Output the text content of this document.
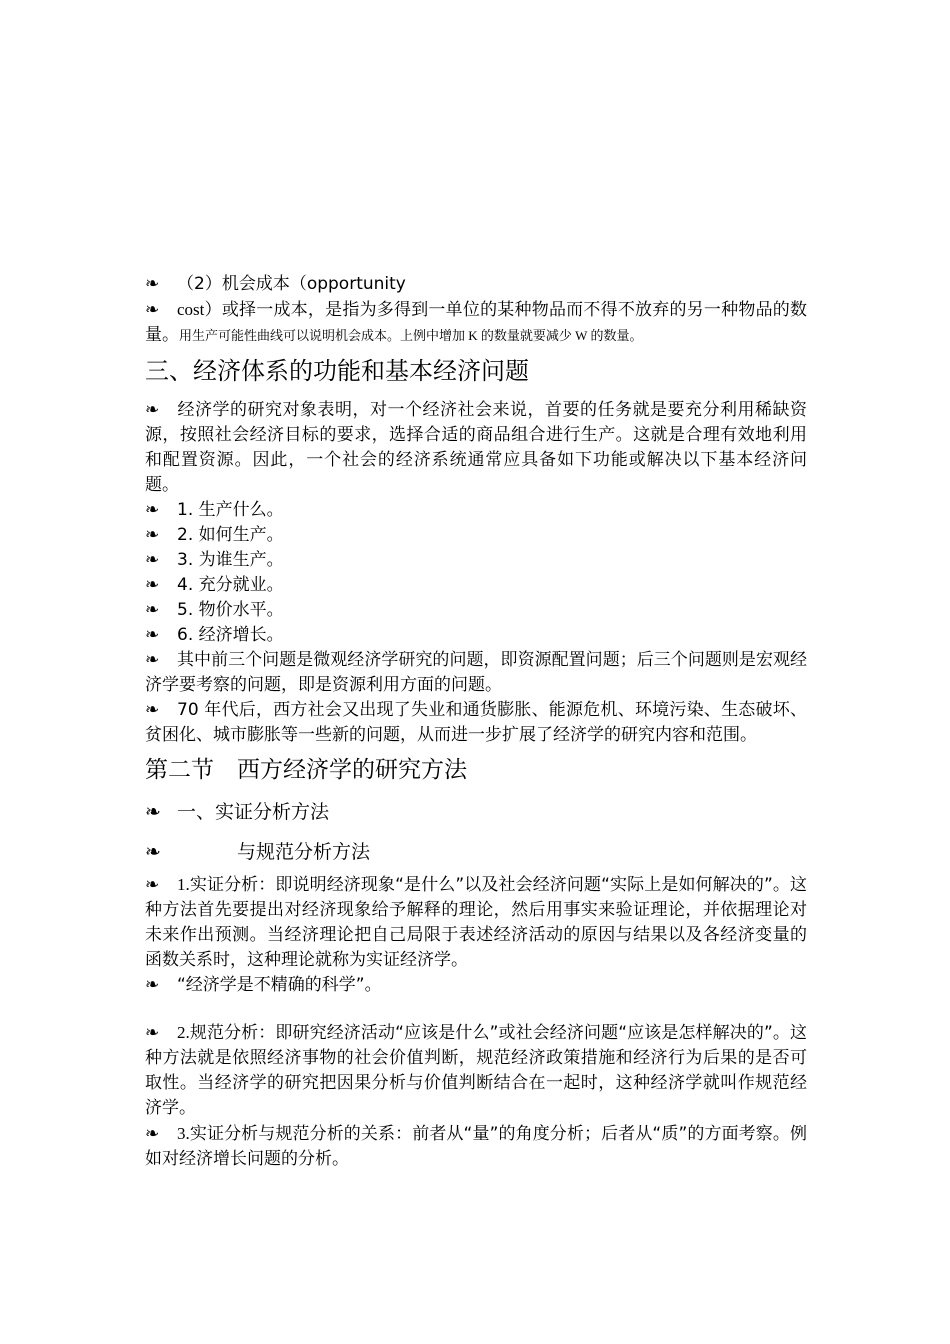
❧ （2）机会成本（opportunity

❧ cost）或择一成本，是指为多得到一单位的某种物品而不得不放弃的另一种物品的数量。用生产可能性曲线可以说明机会成本。上例中增加 K 的数量就要减少 W 的数量。

三、经济体系的功能和基本经济问题

❧ 经济学的研究对象表明，对一个经济社会来说，首要的任务就是要充分利用稀缺资源，按照社会经济目标的要求，选择合适的商品组合进行生产。这就是合理有效地利用和配置资源。因此，一个社会的经济系统通常应具备如下功能或解决以下基本经济问题。

❧ 1. 生产什么。

❧ 2. 如何生产。

❧ 3. 为谁生产。

❧ 4. 充分就业。

❧ 5. 物价水平。

❧ 6. 经济增长。

❧ 其中前三个问题是微观经济学研究的问题，即资源配置问题；后三个问题则是宏观经济学要考察的问题，即是资源利用方面的问题。

❧ 70 年代后，西方社会又出现了失业和通货膨胀、能源危机、环境污染、生态破坏、贫困化、城市膨胀等一些新的问题，从而进一步扩展了经济学的研究内容和范围。

第二节　西方经济学的研究方法

❧ 一、实证分析方法

❧	与规范分析方法

❧ 1.实证分析：即说明经济现象“是什么”以及社会经济问题“实际上是如何解决的”。这种方法首先要提出对经济现象给予解释的理论，然后用事实来验证理论，并依据理论对未来作出预测。当经济理论把自己局限于表述经济活动的原因与结果以及各经济变量的函数关系时，这种理论就称为实证经济学。

❧ “经济学是不精确的科学”。

❧ 2.规范分析：即研究经济活动“应该是什么”或社会经济问题“应该是怎样解决的”。这种方法就是依照经济事物的社会价值判断，规范经济政策措施和经济行为后果的是否可取性。当经济学的研究把因果分析与价值判断结合在一起时，这种经济学就叫作规范经济学。

❧ 3.实证分析与规范分析的关系：前者从“量”的角度分析；后者从“质”的方面考察。例如对经济增长问题的分析。
